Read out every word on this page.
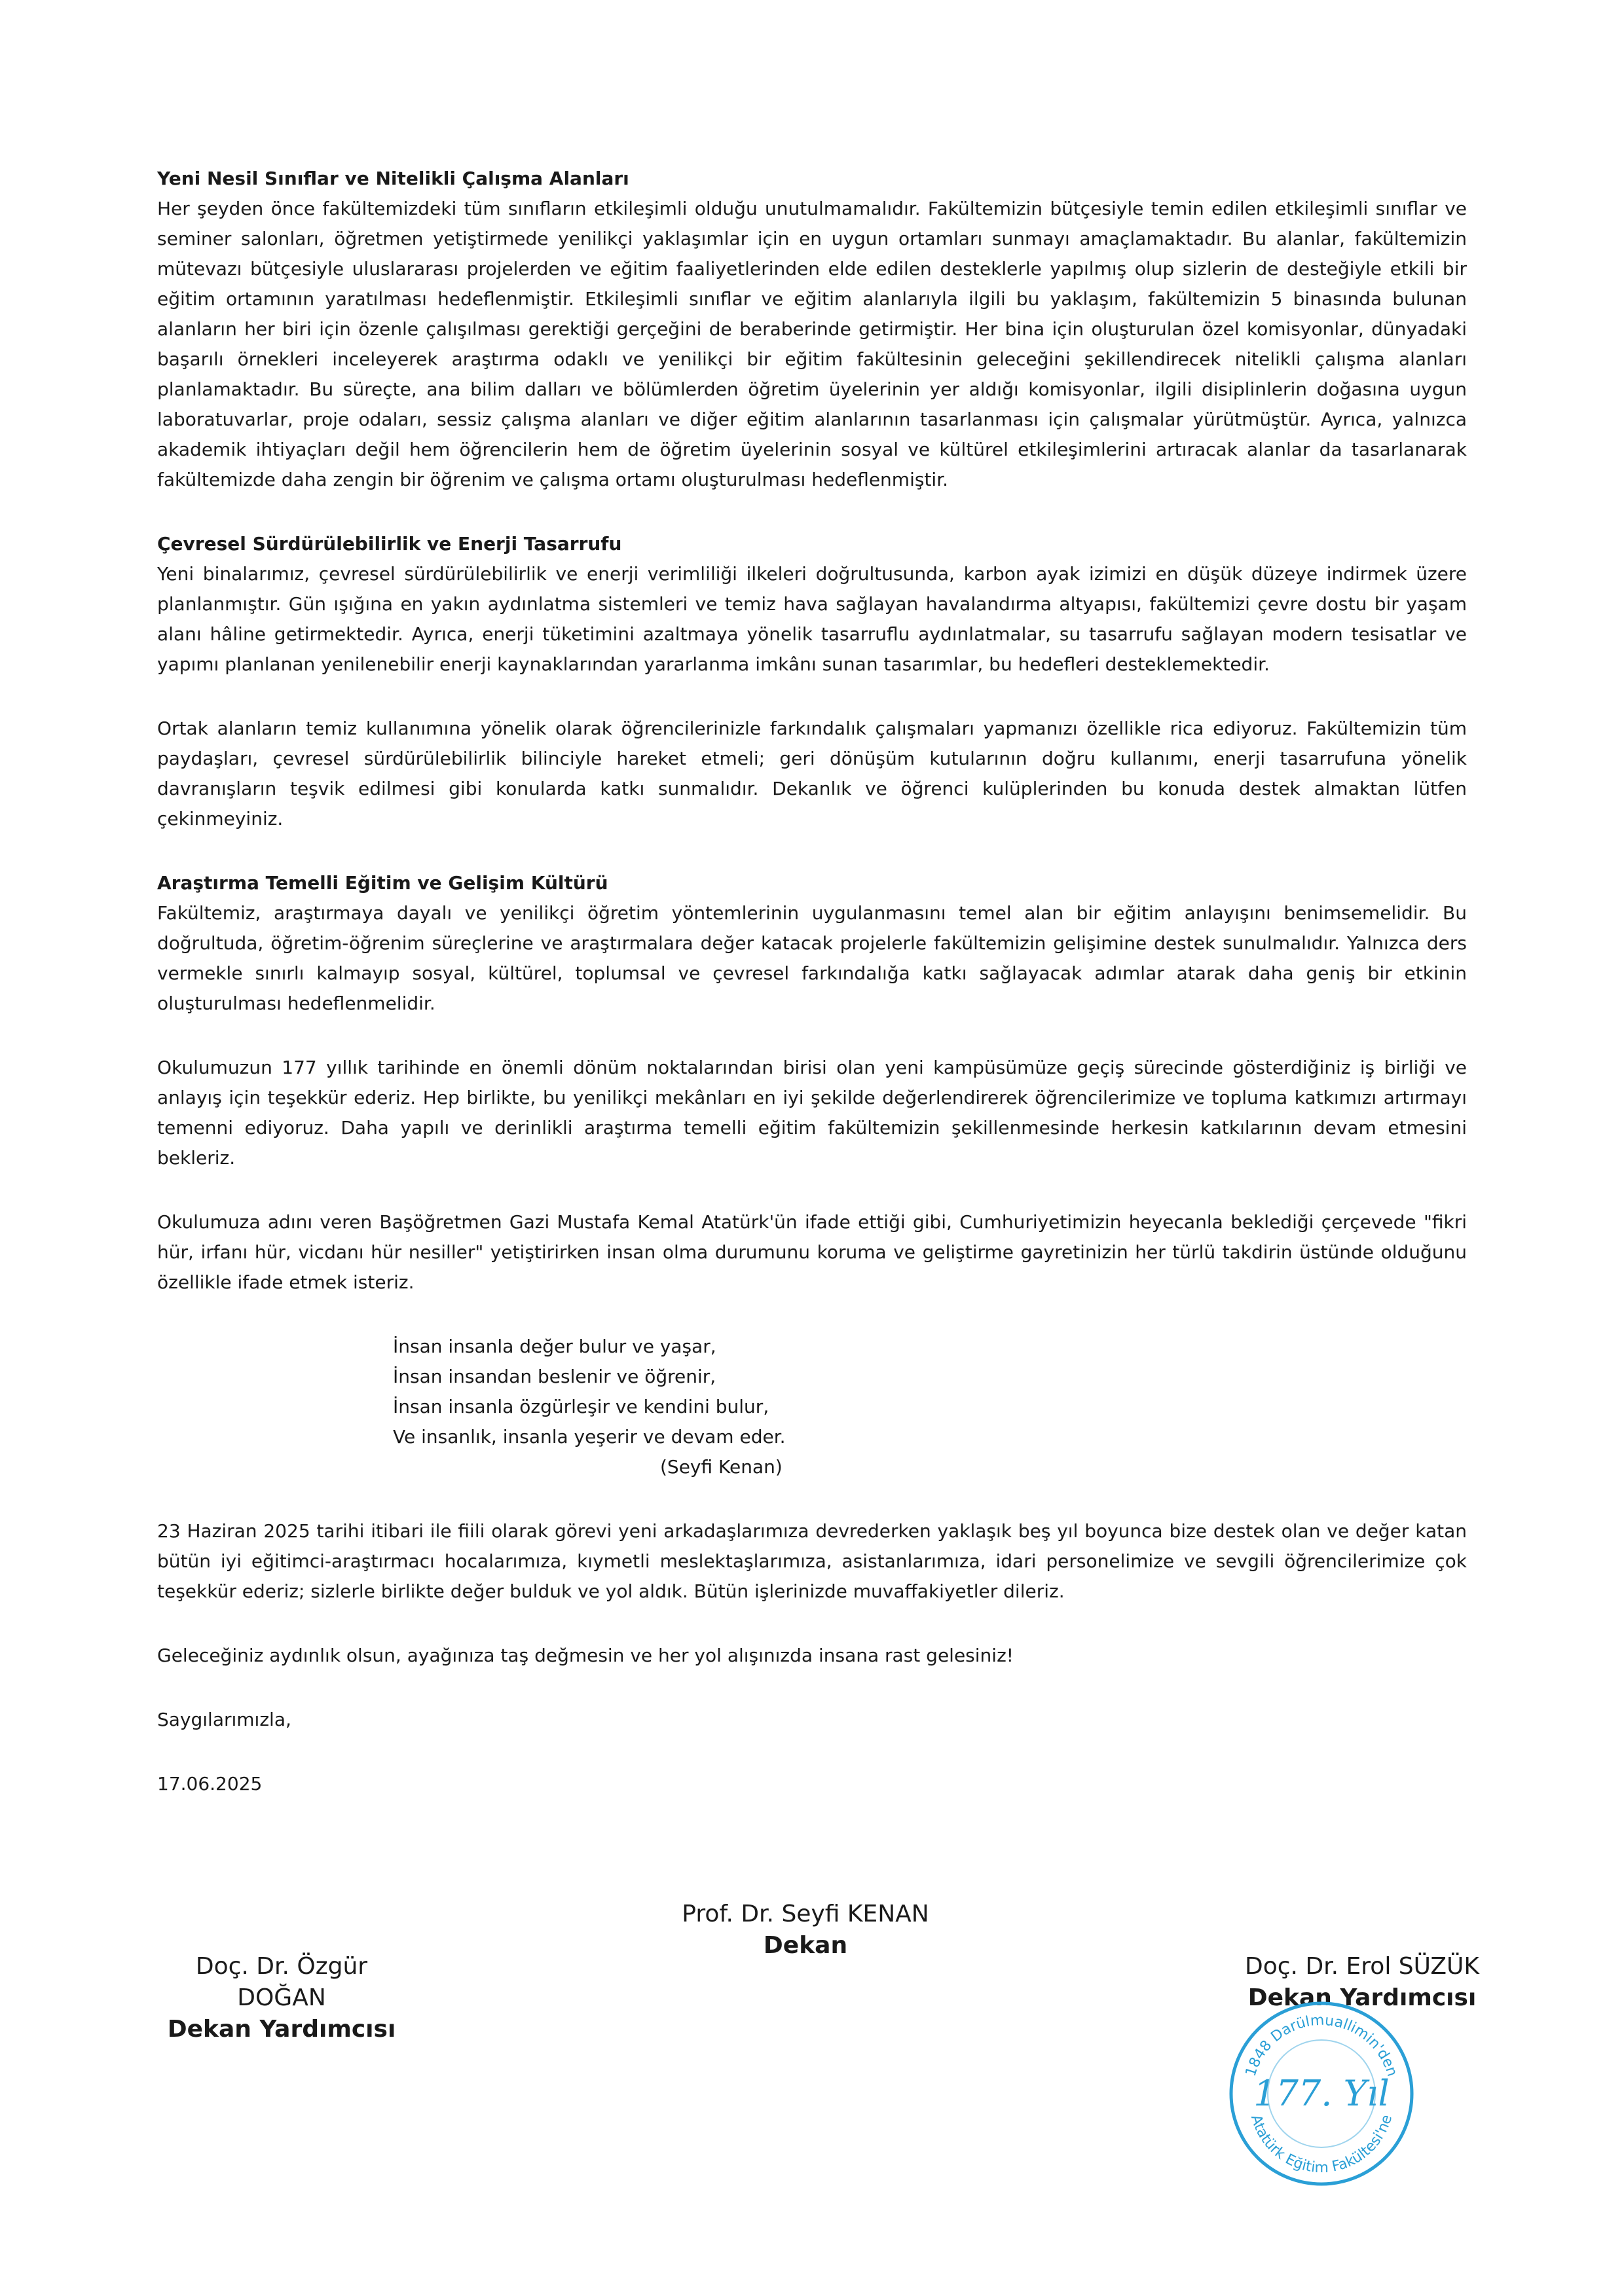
Yeni Nesil Sınıflar ve Nitelikli Çalışma Alanları

Her şeyden önce fakültemizdeki tüm sınıfların etkileşimli olduğu unutulmamalıdır. Fakültemizin bütçesiyle temin edilen etkileşimli sınıflar ve seminer salonları, öğretmen yetiştirmede yenilikçi yaklaşımlar için en uygun ortamları sunmayı amaçlamaktadır. Bu alanlar, fakültemizin mütevazı bütçesiyle uluslararası projelerden ve eğitim faaliyetlerinden elde edilen desteklerle yapılmış olup sizlerin de desteğiyle etkili bir eğitim ortamının yaratılması hedeflenmiştir. Etkileşimli sınıflar ve eğitim alanlarıyla ilgili bu yaklaşım, fakültemizin 5 binasında bulunan alanların her biri için özenle çalışılması gerektiği gerçeğini de beraberinde getirmiştir. Her bina için oluşturulan özel komisyonlar, dünyadaki başarılı örnekleri inceleyerek araştırma odaklı ve yenilikçi bir eğitim fakültesinin geleceğini şekillendirecek nitelikli çalışma alanları planlamaktadır. Bu süreçte, ana bilim dalları ve bölümlerden öğretim üyelerinin yer aldığı komisyonlar, ilgili disiplinlerin doğasına uygun laboratuvarlar, proje odaları, sessiz çalışma alanları ve diğer eğitim alanlarının tasarlanması için çalışmalar yürütmüştür. Ayrıca, yalnızca akademik ihtiyaçları değil hem öğrencilerin hem de öğretim üyelerinin sosyal ve kültürel etkileşimlerini artıracak alanlar da tasarlanarak fakültemizde daha zengin bir öğrenim ve çalışma ortamı oluşturulması hedeflenmiştir.

Çevresel Sürdürülebilirlik ve Enerji Tasarrufu

Yeni binalarımız, çevresel sürdürülebilirlik ve enerji verimliliği ilkeleri doğrultusunda, karbon ayak izimizi en düşük düzeye indirmek üzere planlanmıştır. Gün ışığına en yakın aydınlatma sistemleri ve temiz hava sağlayan havalandırma altyapısı, fakültemizi çevre dostu bir yaşam alanı hâline getirmektedir. Ayrıca, enerji tüketimini azaltmaya yönelik tasarruflu aydınlatmalar, su tasarrufu sağlayan modern tesisatlar ve yapımı planlanan yenilenebilir enerji kaynaklarından yararlanma imkânı sunan tasarımlar, bu hedefleri desteklemektedir.

Ortak alanların temiz kullanımına yönelik olarak öğrencilerinizle farkındalık çalışmaları yapmanızı özellikle rica ediyoruz. Fakültemizin tüm paydaşları, çevresel sürdürülebilirlik bilinciyle hareket etmeli; geri dönüşüm kutularının doğru kullanımı, enerji tasarrufuna yönelik davranışların teşvik edilmesi gibi konularda katkı sunmalıdır. Dekanlık ve öğrenci kulüplerinden bu konuda destek almaktan lütfen çekinmeyiniz.

Araştırma Temelli Eğitim ve Gelişim Kültürü

Fakültemiz, araştırmaya dayalı ve yenilikçi öğretim yöntemlerinin uygulanmasını temel alan bir eğitim anlayışını benimsemelidir. Bu doğrultuda, öğretim-öğrenim süreçlerine ve araştırmalara değer katacak projelerle fakültemizin gelişimine destek sunulmalıdır. Yalnızca ders vermekle sınırlı kalmayıp sosyal, kültürel, toplumsal ve çevresel farkındalığa katkı sağlayacak adımlar atarak daha geniş bir etkinin oluşturulması hedeflenmelidir.

Okulumuzun 177 yıllık tarihinde en önemli dönüm noktalarından birisi olan yeni kampüsümüze geçiş sürecinde gösterdiğiniz iş birliği ve anlayış için teşekkür ederiz. Hep birlikte, bu yenilikçi mekânları en iyi şekilde değerlendirerek öğrencilerimize ve topluma katkımızı artırmayı temenni ediyoruz. Daha yapılı ve derinlikli araştırma temelli eğitim fakültemizin şekillenmesinde herkesin katkılarının devam etmesini bekleriz.

Okulumuza adını veren Başöğretmen Gazi Mustafa Kemal Atatürk'ün ifade ettiği gibi, Cumhuriyetimizin heyecanla beklediği çerçevede "fikri hür, irfanı hür, vicdanı hür nesiller" yetiştirirken insan olma durumunu koruma ve geliştirme gayretinizin her türlü takdirin üstünde olduğunu özellikle ifade etmek isteriz.

İnsan insanla değer bulur ve yaşar,
İnsan insandan beslenir ve öğrenir,
İnsan insanla özgürleşir ve kendini bulur,
Ve insanlık, insanla yeşerir ve devam eder.
(Seyfi Kenan)

23 Haziran 2025 tarihi itibari ile fiili olarak görevi yeni arkadaşlarımıza devrederken yaklaşık beş yıl boyunca bize destek olan ve değer katan bütün iyi eğitimci-araştırmacı hocalarımıza, kıymetli meslektaşlarımıza, asistanlarımıza, idari personelimize ve sevgili öğrencilerimize çok teşekkür ederiz; sizlerle birlikte değer bulduk ve yol aldık. Bütün işlerinizde muvaffakiyetler dileriz.

Geleceğiniz aydınlık olsun, ayağınıza taş değmesin ve her yol alışınızda insana rast gelesiniz!

Saygılarımızla,

17.06.2025

Prof. Dr. Seyfi KENAN
Dekan
Doç. Dr. Özgür DOĞAN
Dekan Yardımcısı
Doç. Dr. Erol SÜZÜK
Dekan Yardımcısı
1848 Darülmuallimin'den
Atatürk Eğitim Fakültesi'ne
177. Yıl
